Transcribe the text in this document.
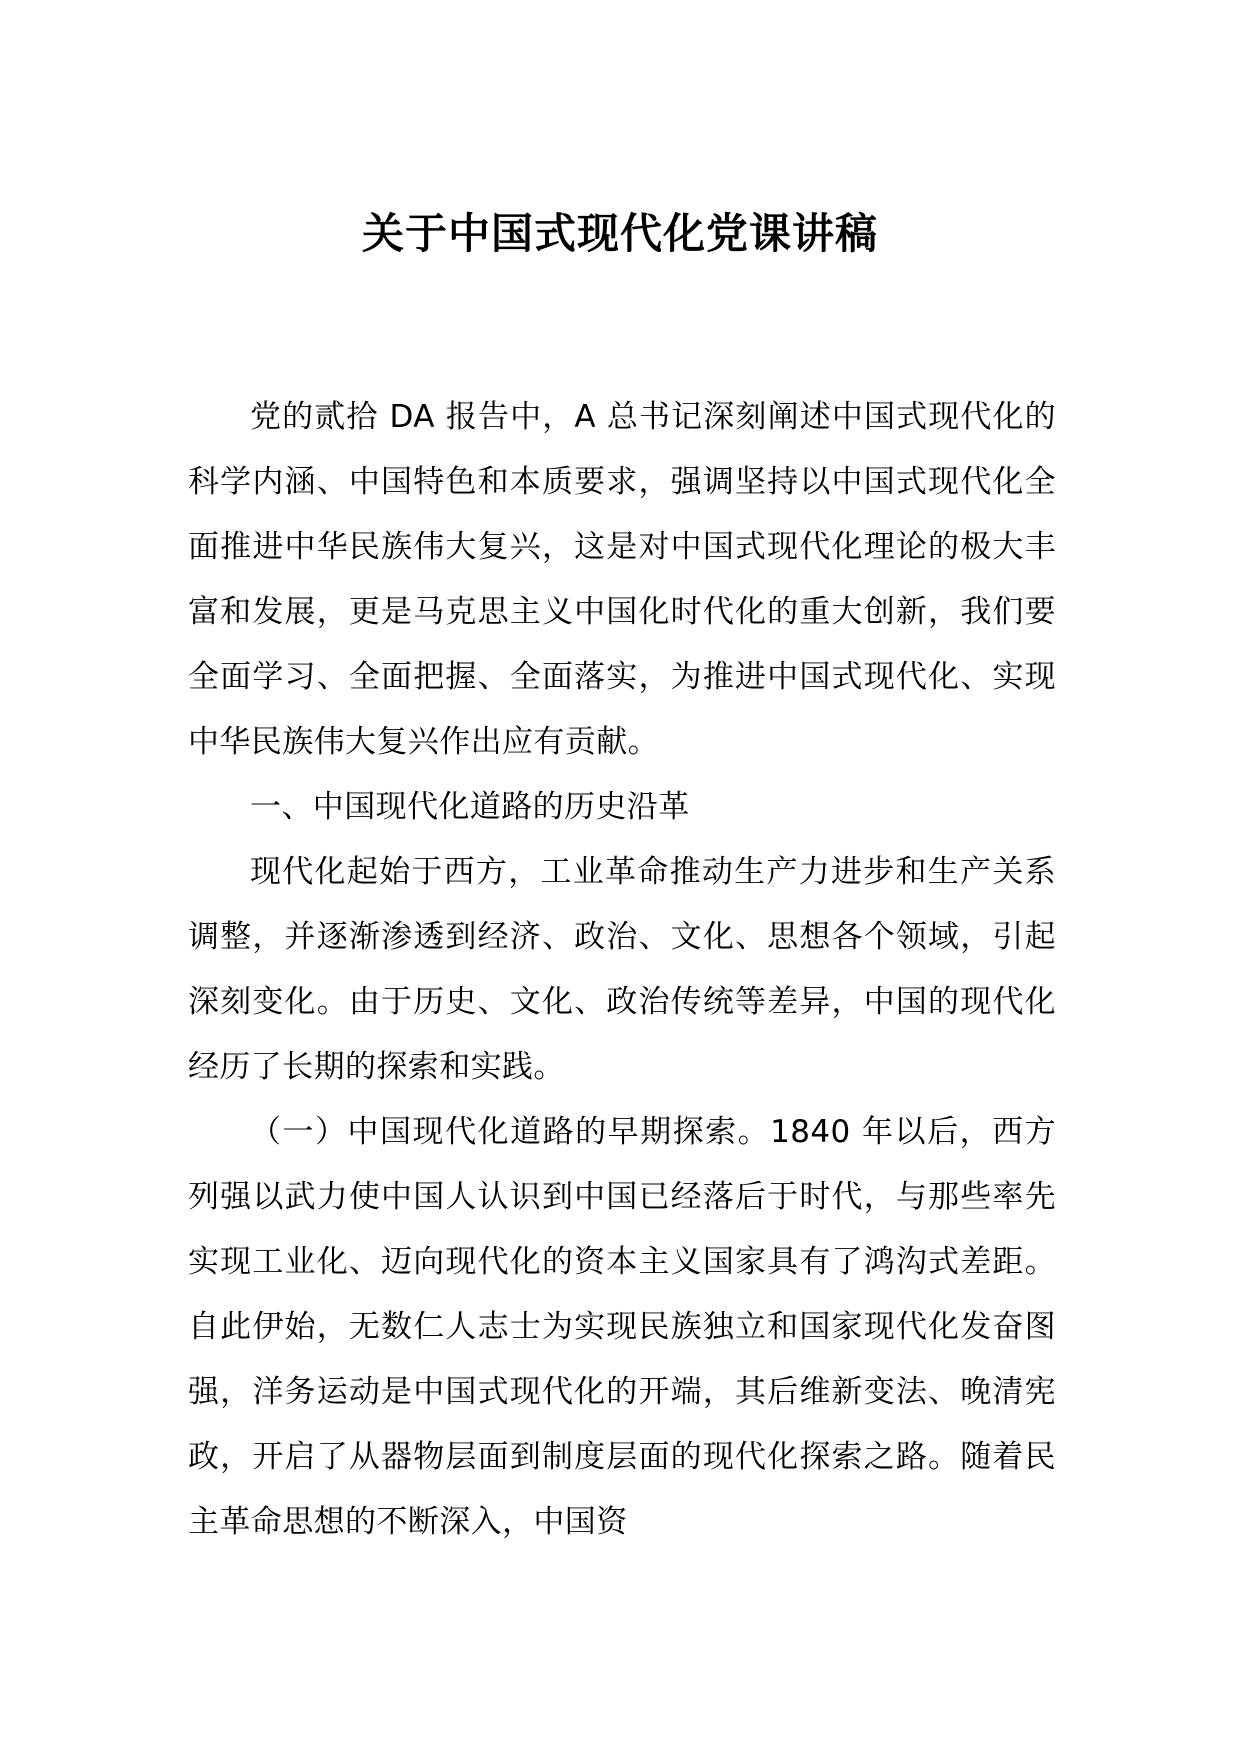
关于中国式现代化党课讲稿

党的贰拾 DA 报告中，A 总书记深刻阐述中国式现代化的科学内涵、中国特色和本质要求，强调坚持以中国式现代化全面推进中华民族伟大复兴，这是对中国式现代化理论的极大丰富和发展，更是马克思主义中国化时代化的重大创新，我们要全面学习、全面把握、全面落实，为推进中国式现代化、实现中华民族伟大复兴作出应有贡献。

一、中国现代化道路的历史沿革

现代化起始于西方，工业革命推动生产力进步和生产关系调整，并逐渐渗透到经济、政治、文化、思想各个领域，引起深刻变化。由于历史、文化、政治传统等差异，中国的现代化经历了长期的探索和实践。

（一）中国现代化道路的早期探索。1840 年以后，西方列强以武力使中国人认识到中国已经落后于时代，与那些率先实现工业化、迈向现代化的资本主义国家具有了鸿沟式差距。自此伊始，无数仁人志士为实现民族独立和国家现代化发奋图强，洋务运动是中国式现代化的开端，其后维新变法、晚清宪政，开启了从器物层面到制度层面的现代化探索之路。随着民主革命思想的不断深入，中国资
